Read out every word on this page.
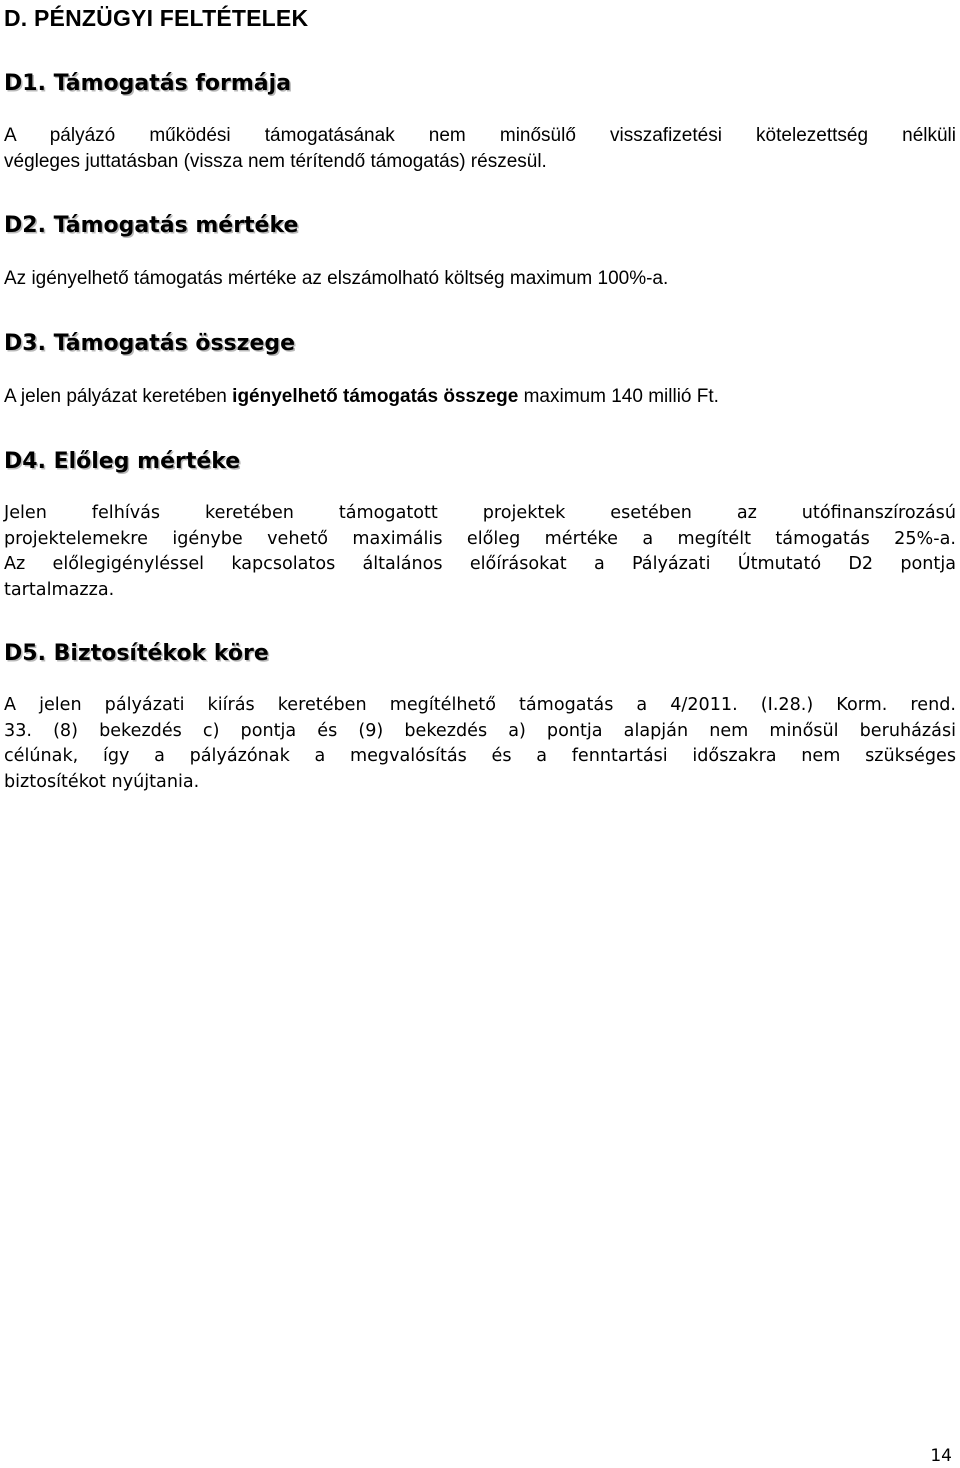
D. PÉNZÜGYI FELTÉTELEK
D1. Támogatás formája

A pályázó működési támogatásának nem minősülő visszafizetési kötelezettség nélküli
végleges juttatásban (vissza nem térítendő támogatás) részesül.

D2. Támogatás mértéke

Az igényelhető támogatás mértéke az elszámolható költség maximum 100%-a.

D3. Támogatás összege

A jelen pályázat keretében igényelhető támogatás összege maximum 140 millió Ft.

D4. Előleg mértéke

Jelen felhívás keretében támogatott projektek esetében az utófinanszírozású
projektelemekre igénybe vehető maximális előleg mértéke a megítélt támogatás 25%-a.
Az előlegigényléssel kapcsolatos általános előírásokat a Pályázati Útmutató D2 pontja
tartalmazza.

D5. Biztosítékok köre

A jelen pályázati kiírás keretében megítélhető támogatás a 4/2011. (I.28.) Korm. rend.
33. (8) bekezdés c) pontja és (9) bekezdés a) pontja alapján nem minősül beruházási
célúnak, így a pályázónak a megvalósítás és a fenntartási időszakra nem szükséges
biztosítékot nyújtania.

14
